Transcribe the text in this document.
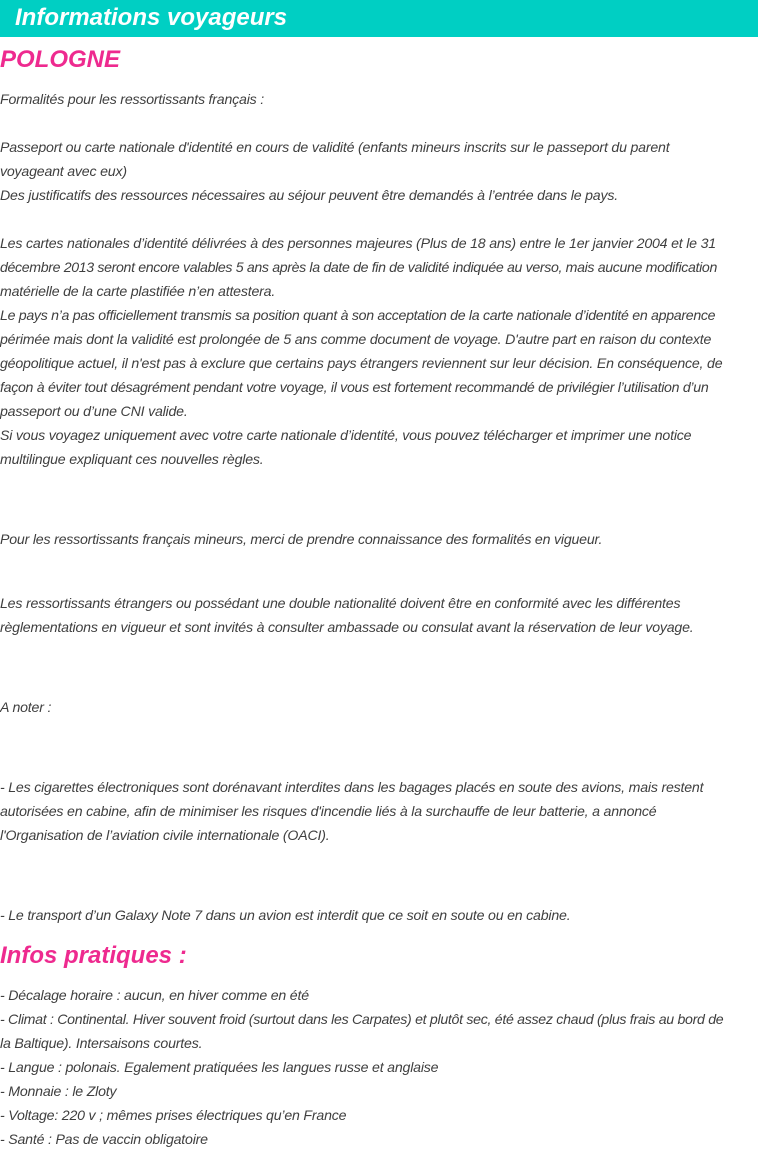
Informations voyageurs
POLOGNE

Formalités pour les ressortissants français :

Passeport ou carte nationale d'identité en cours de validité (enfants mineurs inscrits sur le passeport du parent
voyageant avec eux)
Des justificatifs des ressources nécessaires au séjour peuvent être demandés à l’entrée dans le pays.

Les cartes nationales d’identité délivrées à des personnes majeures (Plus de 18 ans) entre le 1er janvier 2004 et le 31
décembre 2013 seront encore valables 5 ans après la date de fin de validité indiquée au verso, mais aucune modification
matérielle de la carte plastifiée n’en attestera.
Le pays n’a pas officiellement transmis sa position quant à son acceptation de la carte nationale d’identité en apparence
périmée mais dont la validité est prolongée de 5 ans comme document de voyage. D'autre part en raison du contexte
géopolitique actuel, il n'est pas à exclure que certains pays étrangers reviennent sur leur décision. En conséquence, de
façon à éviter tout désagrément pendant votre voyage, il vous est fortement recommandé de privilégier l’utilisation d’un
passeport ou d’une CNI valide.
Si vous voyagez uniquement avec votre carte nationale d’identité, vous pouvez télécharger et imprimer une notice
multilingue expliquant ces nouvelles règles.

Pour les ressortissants français mineurs, merci de prendre connaissance des formalités en vigueur.

Les ressortissants étrangers ou possédant une double nationalité doivent être en conformité avec les différentes
règlementations en vigueur et sont invités à consulter ambassade ou consulat avant la réservation de leur voyage.

A noter :

- Les cigarettes électroniques sont dorénavant interdites dans les bagages placés en soute des avions, mais restent
autorisées en cabine, afin de minimiser les risques d'incendie liés à la surchauffe de leur batterie, a annoncé
l'Organisation de l’aviation civile internationale (OACI).

- Le transport d’un Galaxy Note 7 dans un avion est interdit que ce soit en soute ou en cabine.

Infos pratiques :

- Décalage horaire : aucun, en hiver comme en été
- Climat : Continental. Hiver souvent froid (surtout dans les Carpates) et plutôt sec, été assez chaud (plus frais au bord de
la Baltique). Intersaisons courtes.
- Langue : polonais. Egalement pratiquées les langues russe et anglaise
- Monnaie : le Zloty
- Voltage: 220 v ; mêmes prises électriques qu’en France
- Santé : Pas de vaccin obligatoire
